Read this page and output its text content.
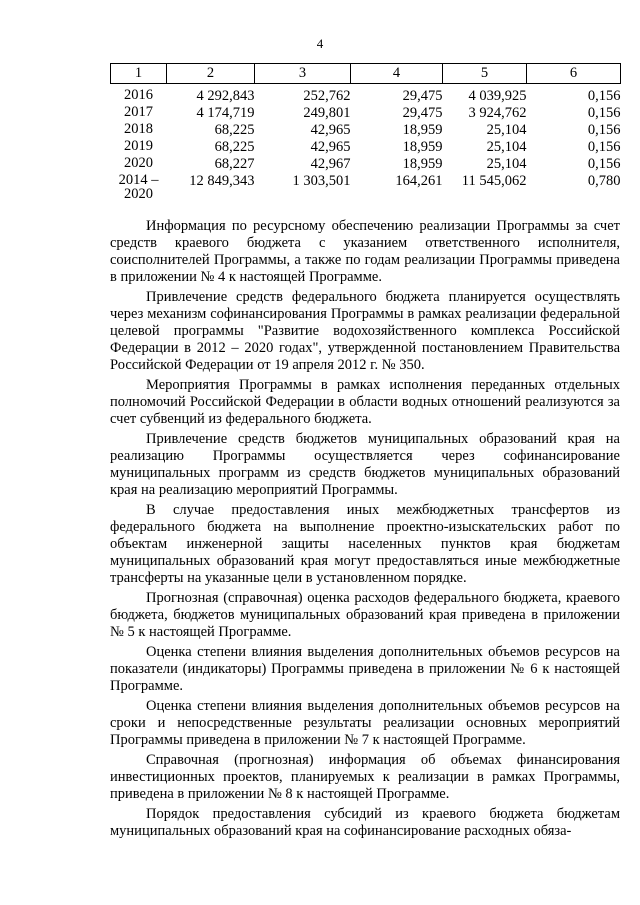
4
1	2	3	4	5	6

2016	4 292,843	252,762	29,475	4 039,925	0,156
2017	4 174,719	249,801	29,475	3 924,762	0,156
2018	68,225	42,965	18,959	25,104	0,156
2019	68,225	42,965	18,959	25,104	0,156
2020	68,227	42,967	18,959	25,104	0,156

2014 –
2020	12 849,343	1 303,501	164,261	11 545,062	0,780

Информация по ресурсному обеспечению реализации Программы за счет средств краевого бюджета с указанием ответственного исполнителя, соисполнителей Программы, а также по годам реализации Программы приведена в приложении № 4 к настоящей Программе.

Привлечение средств федерального бюджета планируется осуществлять через механизм софинансирования Программы в рамках реализации федеральной целевой программы "Развитие водохозяйственного комплекса Российской Федерации в 2012 – 2020 годах", утвержденной постановлением Правительства Российской Федерации от 19 апреля 2012 г. № 350.

Мероприятия Программы в рамках исполнения переданных отдельных полномочий Российской Федерации в области водных отношений реализуются за счет субвенций из федерального бюджета.

Привлечение средств бюджетов муниципальных образований края на реализацию Программы осуществляется через софинансирование муниципальных программ из средств бюджетов муниципальных образований края на реализацию мероприятий Программы.

В случае предоставления иных межбюджетных трансфертов из федерального бюджета на выполнение проектно-изыскательских работ по объектам инженерной защиты населенных пунктов края бюджетам муниципальных образований края могут предоставляться иные межбюджетные трансферты на указанные цели в установленном порядке.

Прогнозная (справочная) оценка расходов федерального бюджета, краевого бюджета, бюджетов муниципальных образований края приведена в приложении № 5 к настоящей Программе.

Оценка степени влияния выделения дополнительных объемов ресурсов на показатели (индикаторы) Программы приведена в приложении № 6 к настоящей Программе.

Оценка степени влияния выделения дополнительных объемов ресурсов на сроки и непосредственные результаты реализации основных мероприятий Программы приведена в приложении № 7 к настоящей Программе.

Справочная (прогнозная) информация об объемах финансирования инвестиционных проектов, планируемых к реализации в рамках Программы, приведена в приложении № 8 к настоящей Программе.

Порядок предоставления субсидий из краевого бюджета бюджетам муниципальных образований края на софинансирование расходных обяза-
